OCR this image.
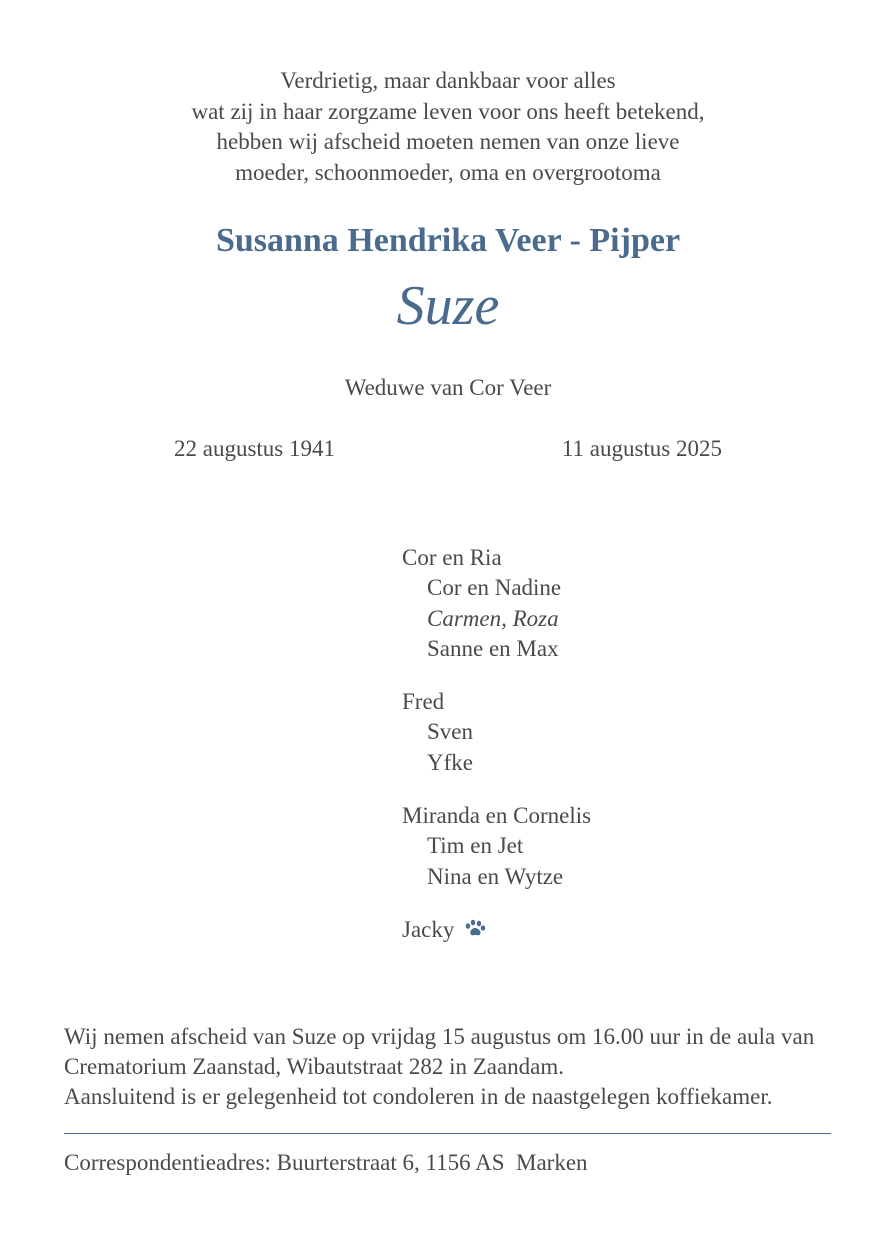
Verdrietig, maar dankbaar voor alles
wat zij in haar zorgzame leven voor ons heeft betekend,
hebben wij afscheid moeten nemen van onze lieve
moeder, schoonmoeder, oma en overgrootoma
Susanna Hendrika Veer - Pijper
Suze
Weduwe van Cor Veer
22 augustus 1941	11 augustus 2025
Cor en Ria
Cor en Nadine
Carmen, Roza
Sanne en Max
Fred
Sven
Yfke
Miranda en Cornelis
Tim en Jet
Nina en Wytze
Jacky
Wij nemen afscheid van Suze op vrijdag 15 augustus om 16.00 uur in de aula van
Crematorium Zaanstad, Wibautstraat 282 in Zaandam.
Aansluitend is er gelegenheid tot condoleren in de naastgelegen koffiekamer.
Correspondentieadres: Buurterstraat 6, 1156 AS  Marken
